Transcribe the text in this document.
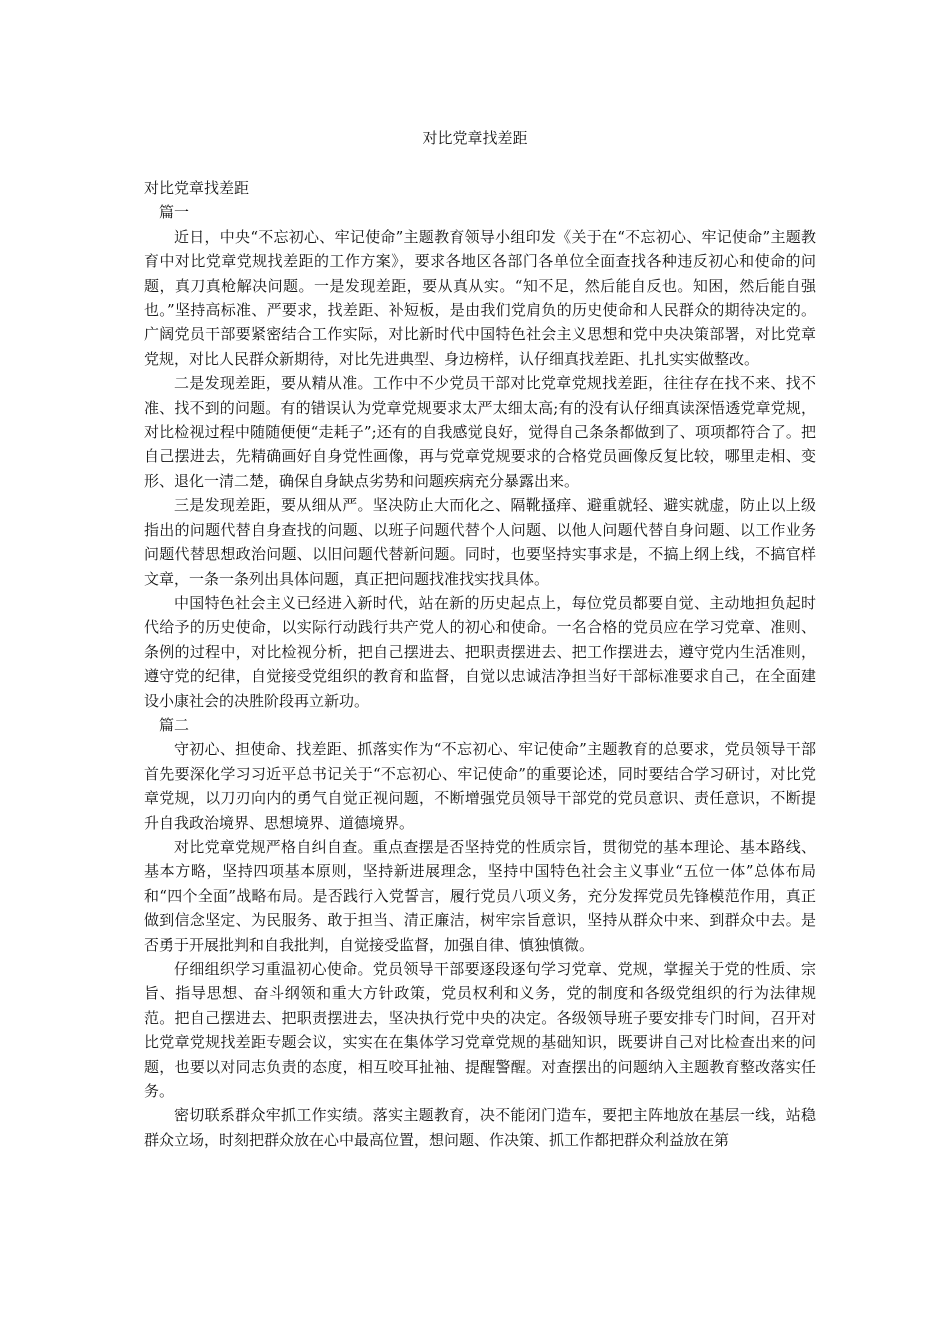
对比党章找差距

对比党章找差距

篇一

近日，中央“不忘初心、牢记使命”主题教育领导小组印发《关于在“不忘初心、牢记使命”主题教育中对比党章党规找差距的工作方案》，要求各地区各部门各单位全面查找各种违反初心和使命的问题，真刀真枪解决问题。一是发现差距，要从真从实。“知不足，然后能自反也。知困，然后能自强也。”坚持高标准、严要求，找差距、补短板，是由我们党肩负的历史使命和人民群众的期待决定的。广阔党员干部要紧密结合工作实际，对比新时代中国特色社会主义思想和党中央决策部署，对比党章党规，对比人民群众新期待，对比先进典型、身边榜样，认仔细真找差距、扎扎实实做整改。

二是发现差距，要从精从准。工作中不少党员干部对比党章党规找差距，往往存在找不来、找不准、找不到的问题。有的错误认为党章党规要求太严太细太高;有的没有认仔细真读深悟透党章党规，对比检视过程中随随便便“走耗子”;还有的自我感觉良好，觉得自己条条都做到了、项项都符合了。把自己摆进去，先精确画好自身党性画像，再与党章党规要求的合格党员画像反复比较，哪里走相、变形、退化一清二楚，确保自身缺点劣势和问题疾病充分暴露出来。

三是发现差距，要从细从严。坚决防止大而化之、隔靴搔痒、避重就轻、避实就虚，防止以上级指出的问题代替自身查找的问题、以班子问题代替个人问题、以他人问题代替自身问题、以工作业务问题代替思想政治问题、以旧问题代替新问题。同时，也要坚持实事求是，不搞上纲上线，不搞官样文章，一条一条列出具体问题，真正把问题找准找实找具体。

中国特色社会主义已经进入新时代，站在新的历史起点上，每位党员都要自觉、主动地担负起时代给予的历史使命，以实际行动践行共产党人的初心和使命。一名合格的党员应在学习党章、准则、条例的过程中，对比检视分析，把自己摆进去、把职责摆进去、把工作摆进去，遵守党内生活准则，遵守党的纪律，自觉接受党组织的教育和监督，自觉以忠诚洁净担当好干部标准要求自己，在全面建设小康社会的决胜阶段再立新功。

篇二

守初心、担使命、找差距、抓落实作为“不忘初心、牢记使命”主题教育的总要求，党员领导干部首先要深化学习习近平总书记关于“不忘初心、牢记使命”的重要论述，同时要结合学习研讨，对比党章党规，以刀刃向内的勇气自觉正视问题，不断增强党员领导干部党的党员意识、责任意识，不断提升自我政治境界、思想境界、道德境界。

对比党章党规严格自纠自查。重点查摆是否坚持党的性质宗旨，贯彻党的基本理论、基本路线、基本方略，坚持四项基本原则，坚持新进展理念，坚持中国特色社会主义事业“五位一体”总体布局和“四个全面”战略布局。是否践行入党誓言，履行党员八项义务，充分发挥党员先锋模范作用，真正做到信念坚定、为民服务、敢于担当、清正廉洁，树牢宗旨意识，坚持从群众中来、到群众中去。是否勇于开展批判和自我批判，自觉接受监督，加强自律、慎独慎微。

仔细组织学习重温初心使命。党员领导干部要逐段逐句学习党章、党规，掌握关于党的性质、宗旨、指导思想、奋斗纲领和重大方针政策，党员权利和义务，党的制度和各级党组织的行为法律规范。把自己摆进去、把职责摆进去，坚决执行党中央的决定。各级领导班子要安排专门时间，召开对比党章党规找差距专题会议，实实在在集体学习党章党规的基础知识，既要讲自己对比检查出来的问题，也要以对同志负责的态度，相互咬耳扯袖、提醒警醒。对查摆出的问题纳入主题教育整改落实任务。

密切联系群众牢抓工作实绩。落实主题教育，决不能闭门造车，要把主阵地放在基层一线，站稳群众立场，时刻把群众放在心中最高位置，想问题、作决策、抓工作都把群众利益放在第
